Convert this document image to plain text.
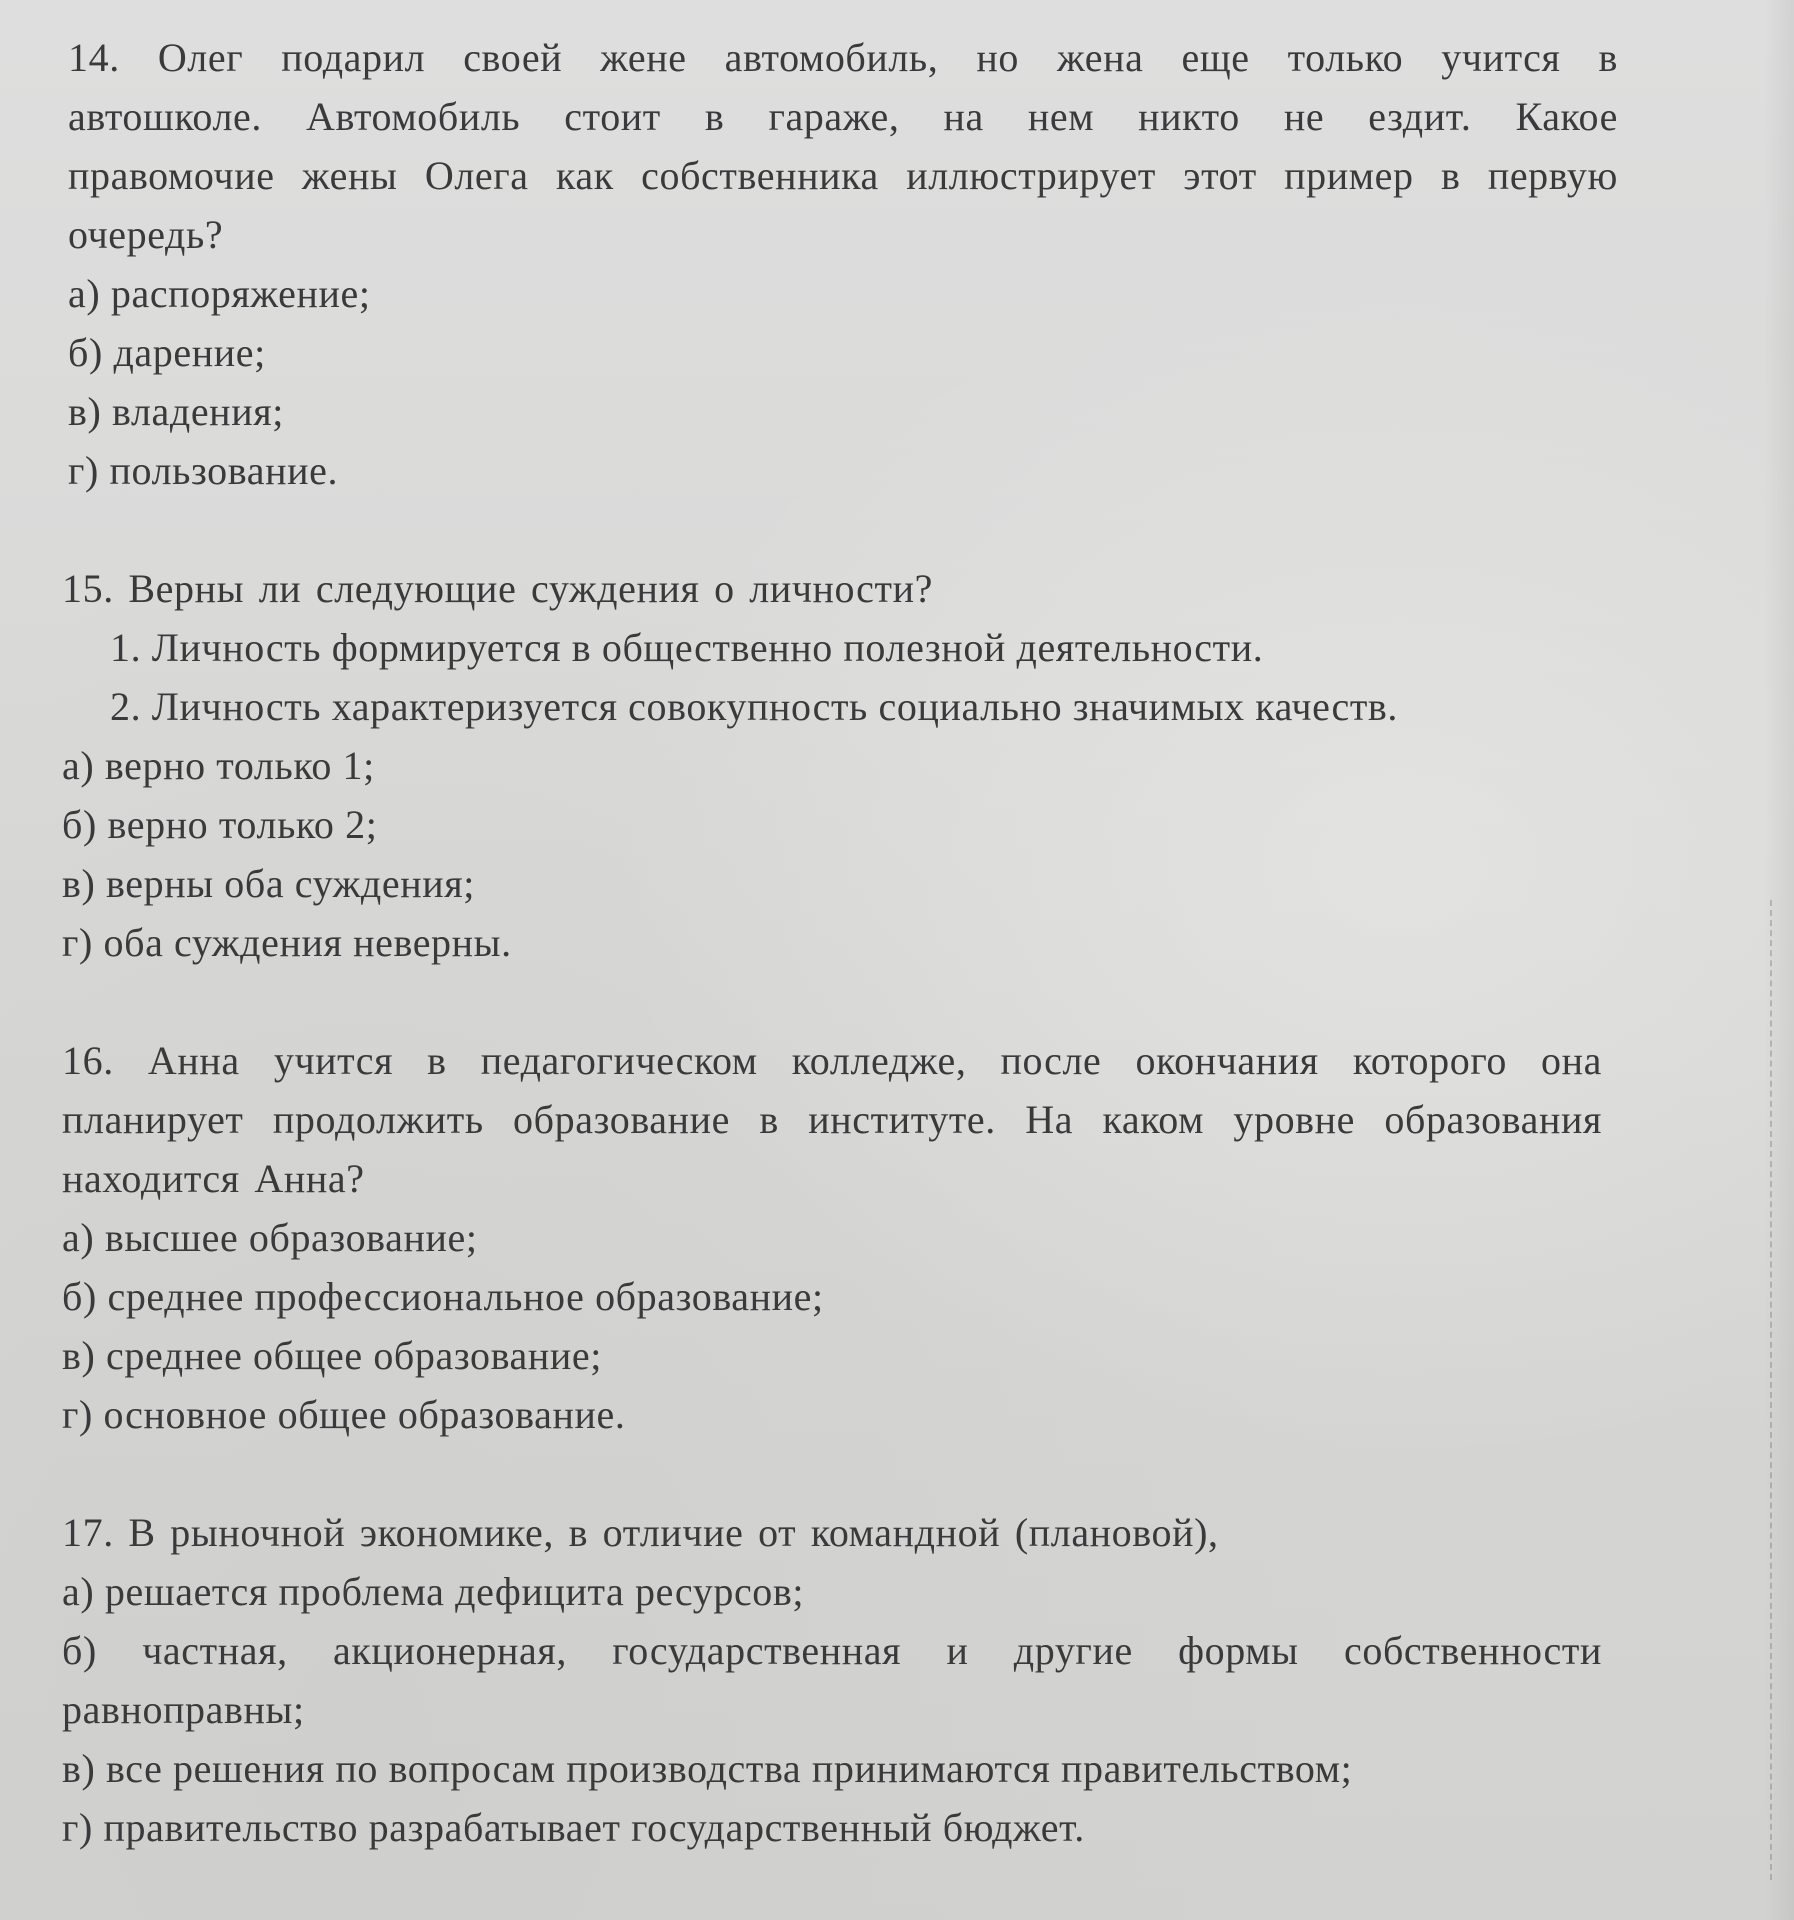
14. Олег подарил своей жене автомобиль, но жена еще только учится в автошколе. Автомобиль стоит в гараже, на нем никто не ездит. Какое правомочие жены Олега как собственника иллюстрирует этот пример в первую очередь?

а) распоряжение;
б) дарение;
в) владения;
г) пользование.

15. Верны ли следующие суждения о личности?

1. Личность формируется в общественно полезной деятельности.
2. Личность характеризуется совокупность социально значимых качеств.
а) верно только 1;
б) верно только 2;
в) верны оба суждения;
г) оба суждения неверны.

16. Анна учится в педагогическом колледже, после окончания которого она планирует продолжить образование в институте. На каком уровне образования находится Анна?

а) высшее образование;
б) среднее профессиональное образование;
в) среднее общее образование;
г) основное общее образование.

17. В рыночной экономике, в отличие от командной (плановой),

а) решается проблема дефицита ресурсов;
б) частная, акционерная, государственная и другие формы собственности равноправны;
в) все решения по вопросам производства принимаются правительством;
г) правительство разрабатывает государственный бюджет.
